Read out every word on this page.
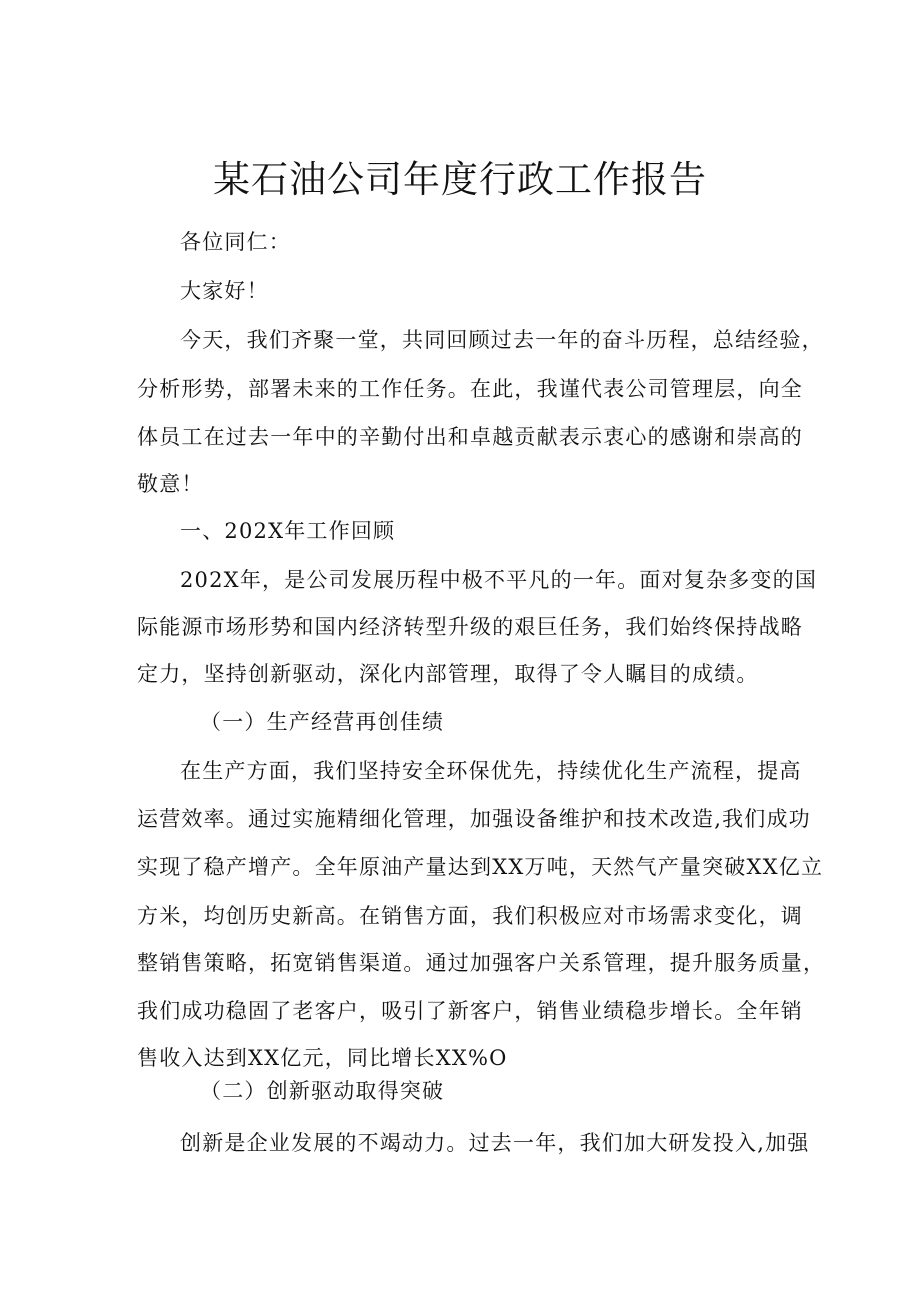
某石油公司年度行政工作报告
各位同仁：
大家好！
今天，我们齐聚一堂，共同回顾过去一年的奋斗历程，总结经验，
分析形势，部署未来的工作任务。在此，我谨代表公司管理层，向全
体员工在过去一年中的辛勤付出和卓越贡献表示衷心的感谢和崇高的
敬意！
一、202X年工作回顾
202X年，是公司发展历程中极不平凡的一年。面对复杂多变的国
际能源市场形势和国内经济转型升级的艰巨任务，我们始终保持战略
定力，坚持创新驱动，深化内部管理，取得了令人瞩目的成绩。
（一）生产经营再创佳绩
在生产方面，我们坚持安全环保优先，持续优化生产流程，提高
运营效率。通过实施精细化管理，加强设备维护和技术改造,我们成功
实现了稳产增产。全年原油产量达到XX万吨，天然气产量突破XX亿立
方米，均创历史新高。在销售方面，我们积极应对市场需求变化，调
整销售策略，拓宽销售渠道。通过加强客户关系管理，提升服务质量，
我们成功稳固了老客户，吸引了新客户，销售业绩稳步增长。全年销
售收入达到XX亿元，同比增长XX%O
（二）创新驱动取得突破
创新是企业发展的不竭动力。过去一年，我们加大研发投入,加强
